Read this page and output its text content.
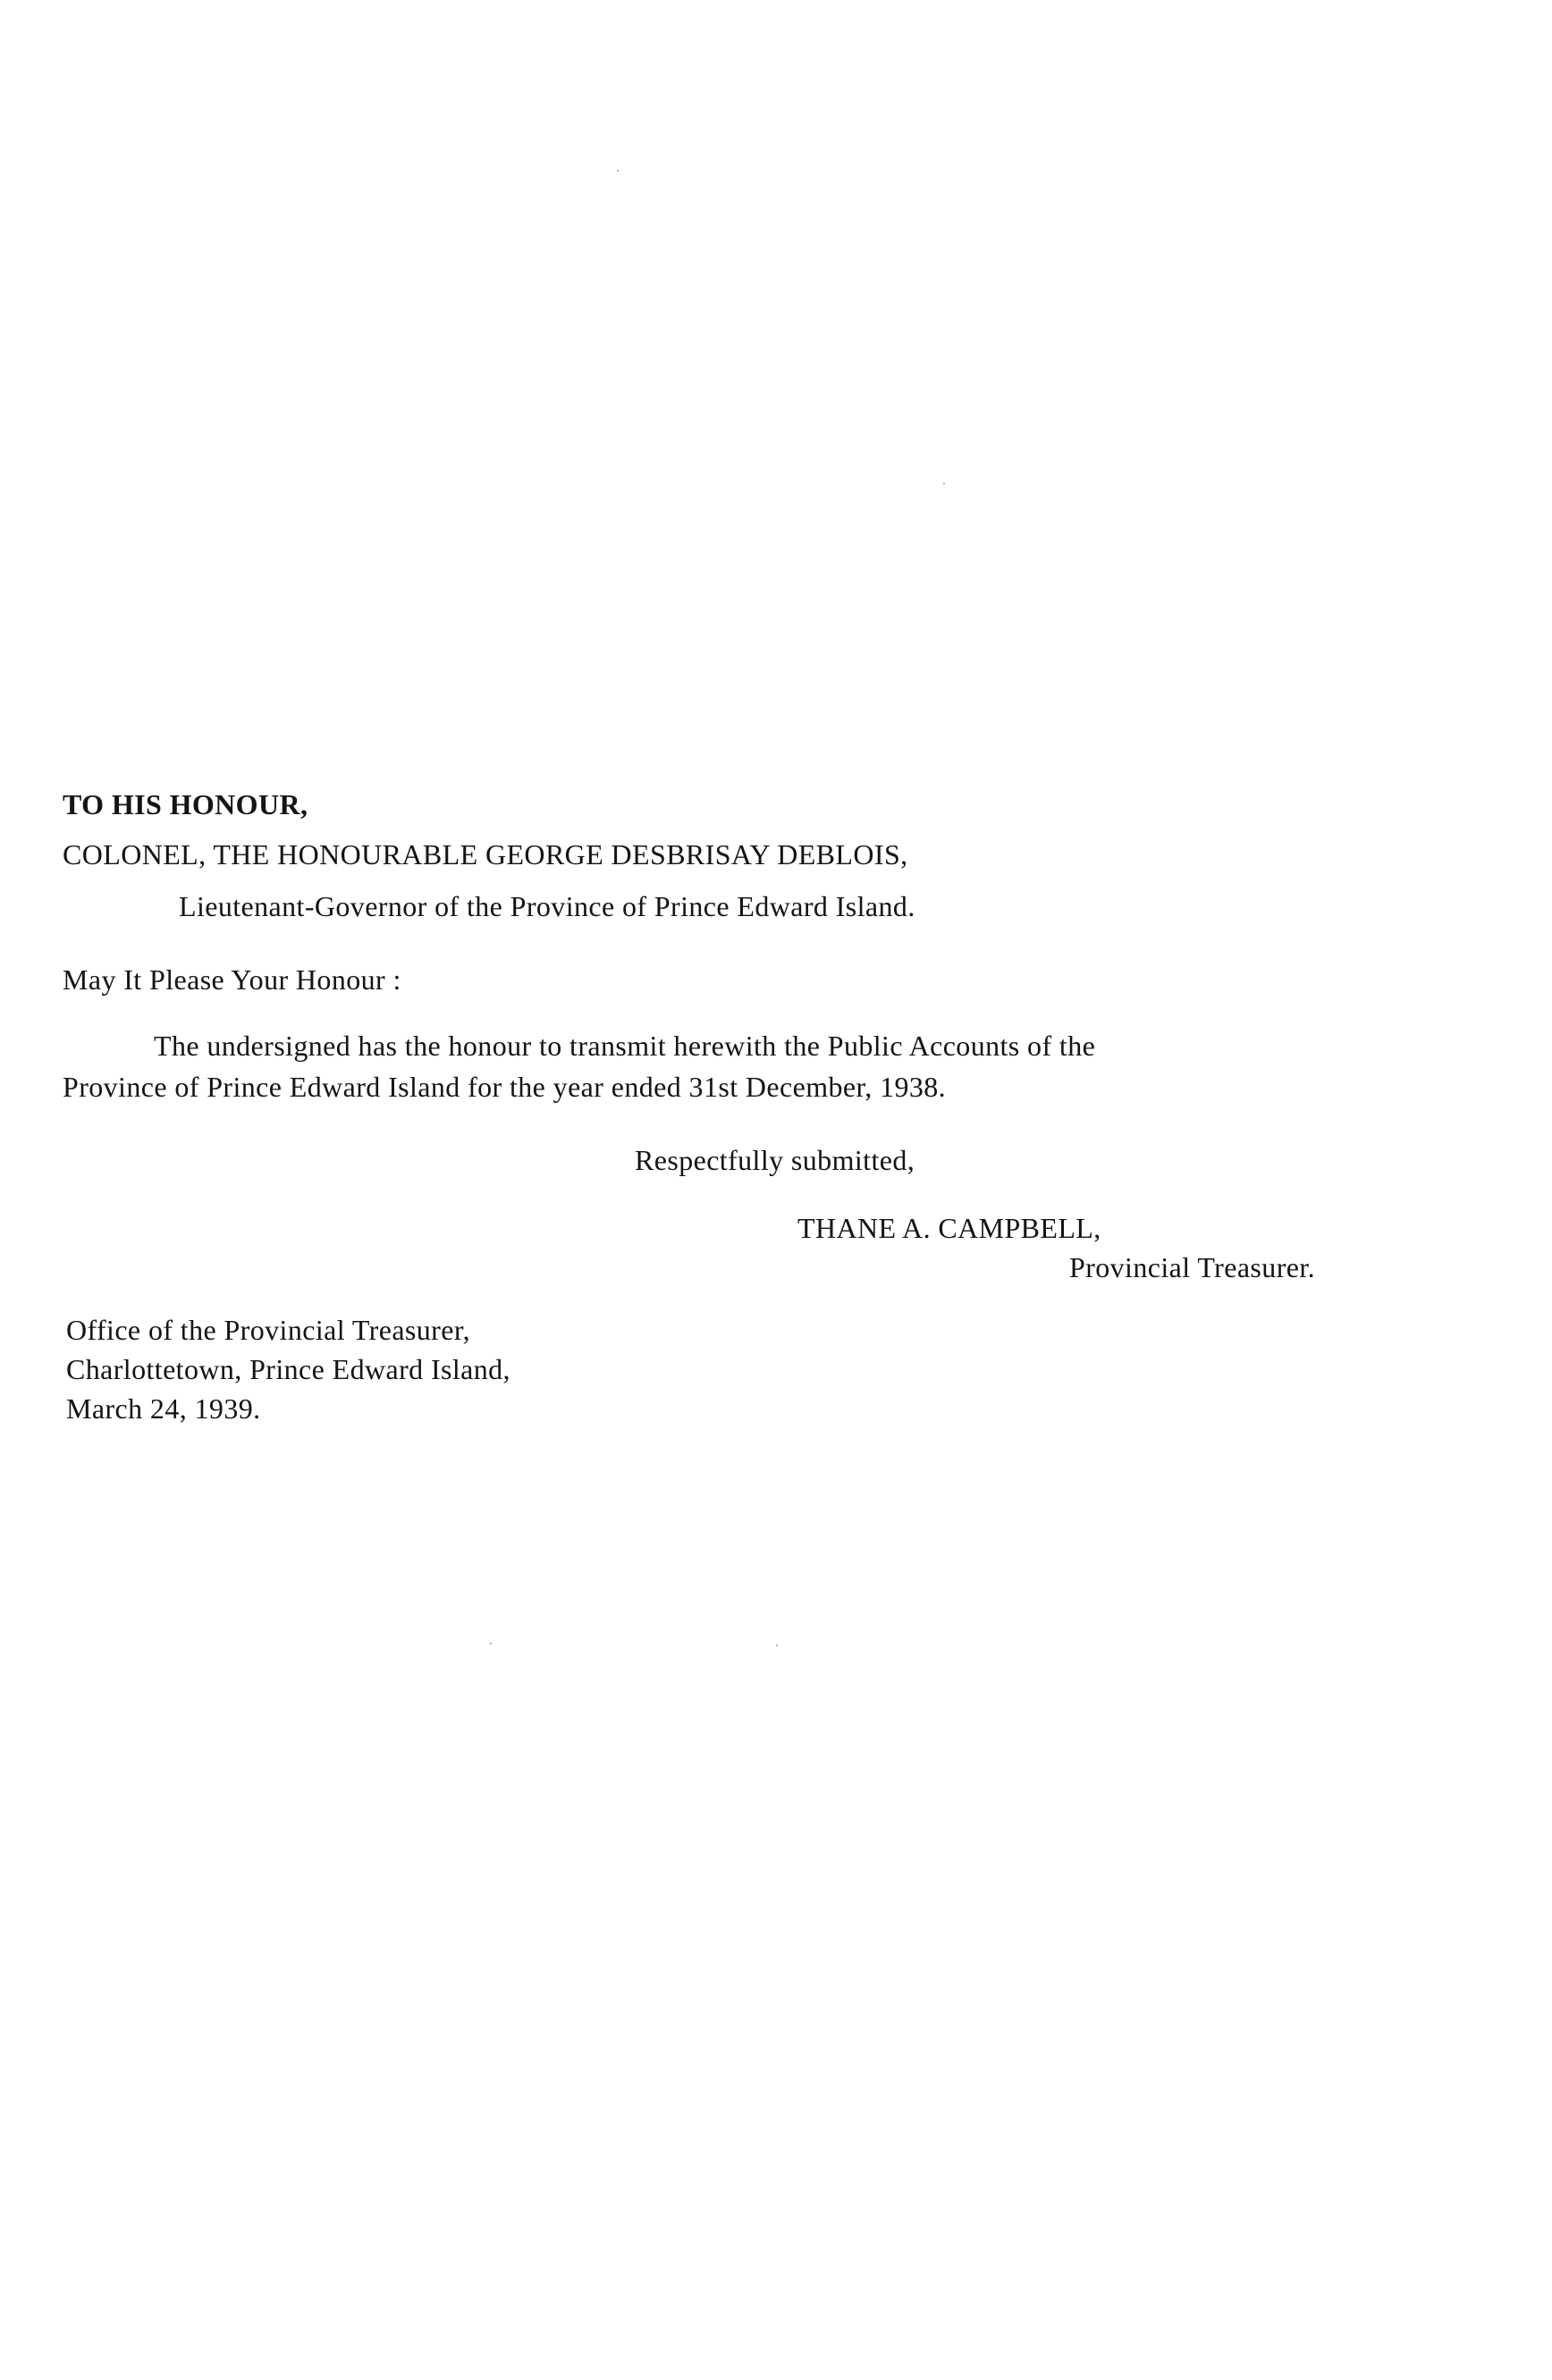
TO HIS HONOUR,
COLONEL, THE HONOURABLE GEORGE DESBRISAY DEBLOIS,
Lieutenant-Governor of the Province of Prince Edward Island.
May It Please Your Honour :
The undersigned has the honour to transmit herewith the Public Accounts of the
Province of Prince Edward Island for the year ended 31st December, 1938.
Respectfully submitted,
THANE A. CAMPBELL,
Provincial Treasurer.
Office of the Provincial Treasurer,
Charlottetown, Prince Edward Island,
March 24, 1939.
